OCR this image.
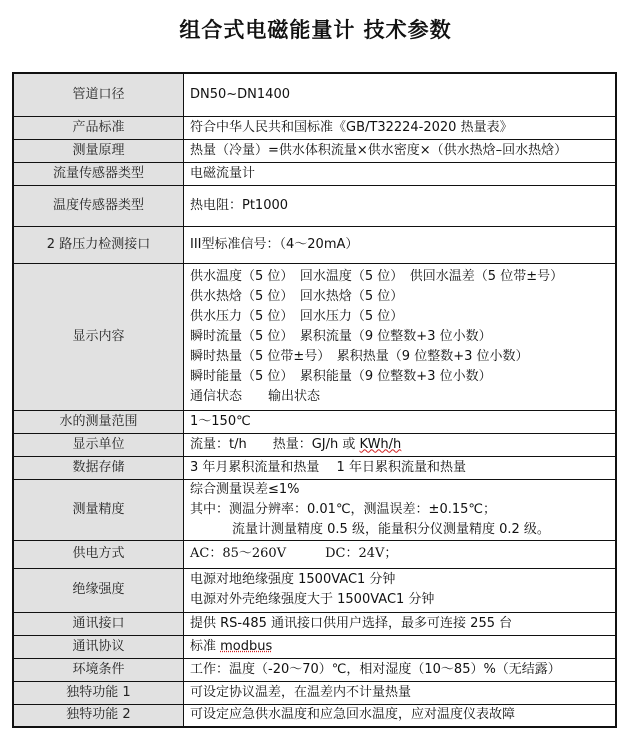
组合式电磁能量计 技术参数
管道口径	DN50~DN1400

产品标准	符合中华人民共和国标准《GB/T32224-2020 热量表》

测量原理	热量（冷量）=供水体积流量×供水密度×（供水热焓–回水热焓）

流量传感器类型	电磁流量计

温度传感器类型	热电阻：Pt1000

2 路压力检测接口	III型标准信号：（4～20mA）

显示内容	
供水温度（5 位）　回水温度（5 位）　供回水温差（5 位带±号）
供水热焓（5 位）　回水热焓（5 位）
供水压力（5 位）　回水压力（5 位）
瞬时流量（5 位）　累积流量（9 位整数+3 位小数）
瞬时热量（5 位带±号）　累积热量（9 位整数+3 位小数）
瞬时能量（5 位）　累积能量（9 位整数+3 位小数）
通信状态　　输出状态

水的测量范围	1～150℃

显示单位	流量：t/h　　热量：GJ/h 或 KWh/h

数据存储	3 年月累积流量和热量　 1 年日累积流量和热量

测量精度	综合测量误差≤1%
其中：测温分辨率：0.01℃，测温误差：±0.15℃；
流量计测量精度 0.5 级，能量积分仪测量精度 0.2 级。

供电方式	AC：85～260V　　　DC：24V；

绝缘强度	电源对地绝缘强度 1500VAC1 分钟
电源对外壳绝缘强度大于 1500VAC1 分钟

通讯接口	提供 RS-485 通讯接口供用户选择，最多可连接 255 台

通讯协议	标准 modbus

环境条件	工作：温度（-20～70）℃，相对湿度（10～85）%（无结露）

独特功能 1	可设定协议温差，在温差内不计量热量

独特功能 2	可设定应急供水温度和应急回水温度，应对温度仪表故障
